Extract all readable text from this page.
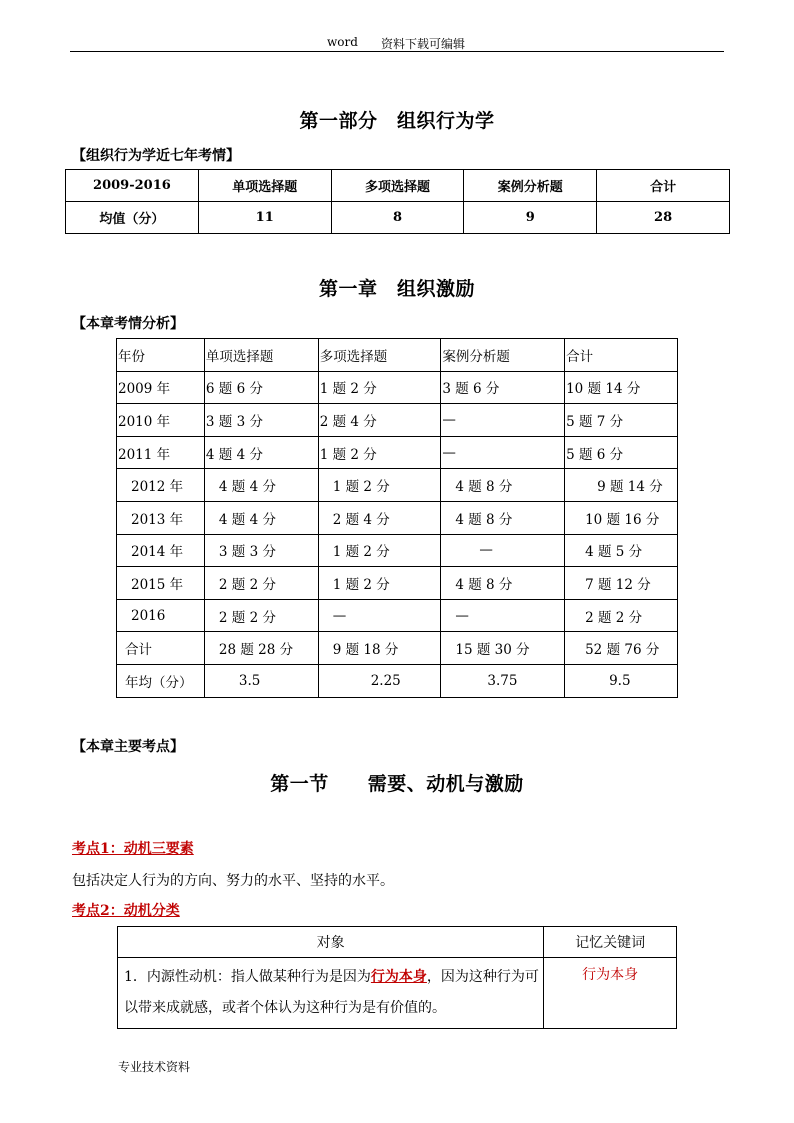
word 资料下载可编辑
第一部分　组织行为学
【组织行为学近七年考情】
2009-2016	单项选择题	多项选择题	案例分析题	合计
均值（分）	11	8	9	28
第一章　组织激励
【本章考情分析】
年份	单项选择题	多项选择题	案例分析题	合计
2009 年	6 题 6 分	1 题 2 分	3 题 6 分	10 题 14 分
2010 年	3 题 3 分	2 题 4 分	—	5 题 7 分
2011 年	4 题 4 分	1 题 2 分	—	5 题 6 分
2012 年	4 题 4 分	1 题 2 分	4 题 8 分	9 题 14 分
2013 年	4 题 4 分	2 题 4 分	4 题 8 分	10 题 16 分
2014 年	3 题 3 分	1 题 2 分	—	4 题 5 分
2015 年	2 题 2 分	1 题 2 分	4 题 8 分	7 题 12 分
2016	2 题 2 分	—	—	2 题 2 分
合计	28 题 28 分	9 题 18 分	15 题 30 分	52 题 76 分
年均（分）	3.5	2.25	3.75	9.5
【本章主要考点】
第一节　　需要、动机与激励
考点1：动机三要素
包括决定人行为的方向、努力的水平、坚持的水平。
考点2：动机分类
对象	记忆关键词
1．内源性动机：指人做某种行为是因为行为本身，因为这种行为可以带来成就感，或者个体认为这种行为是有价值的。	行为本身
专业技术资料
